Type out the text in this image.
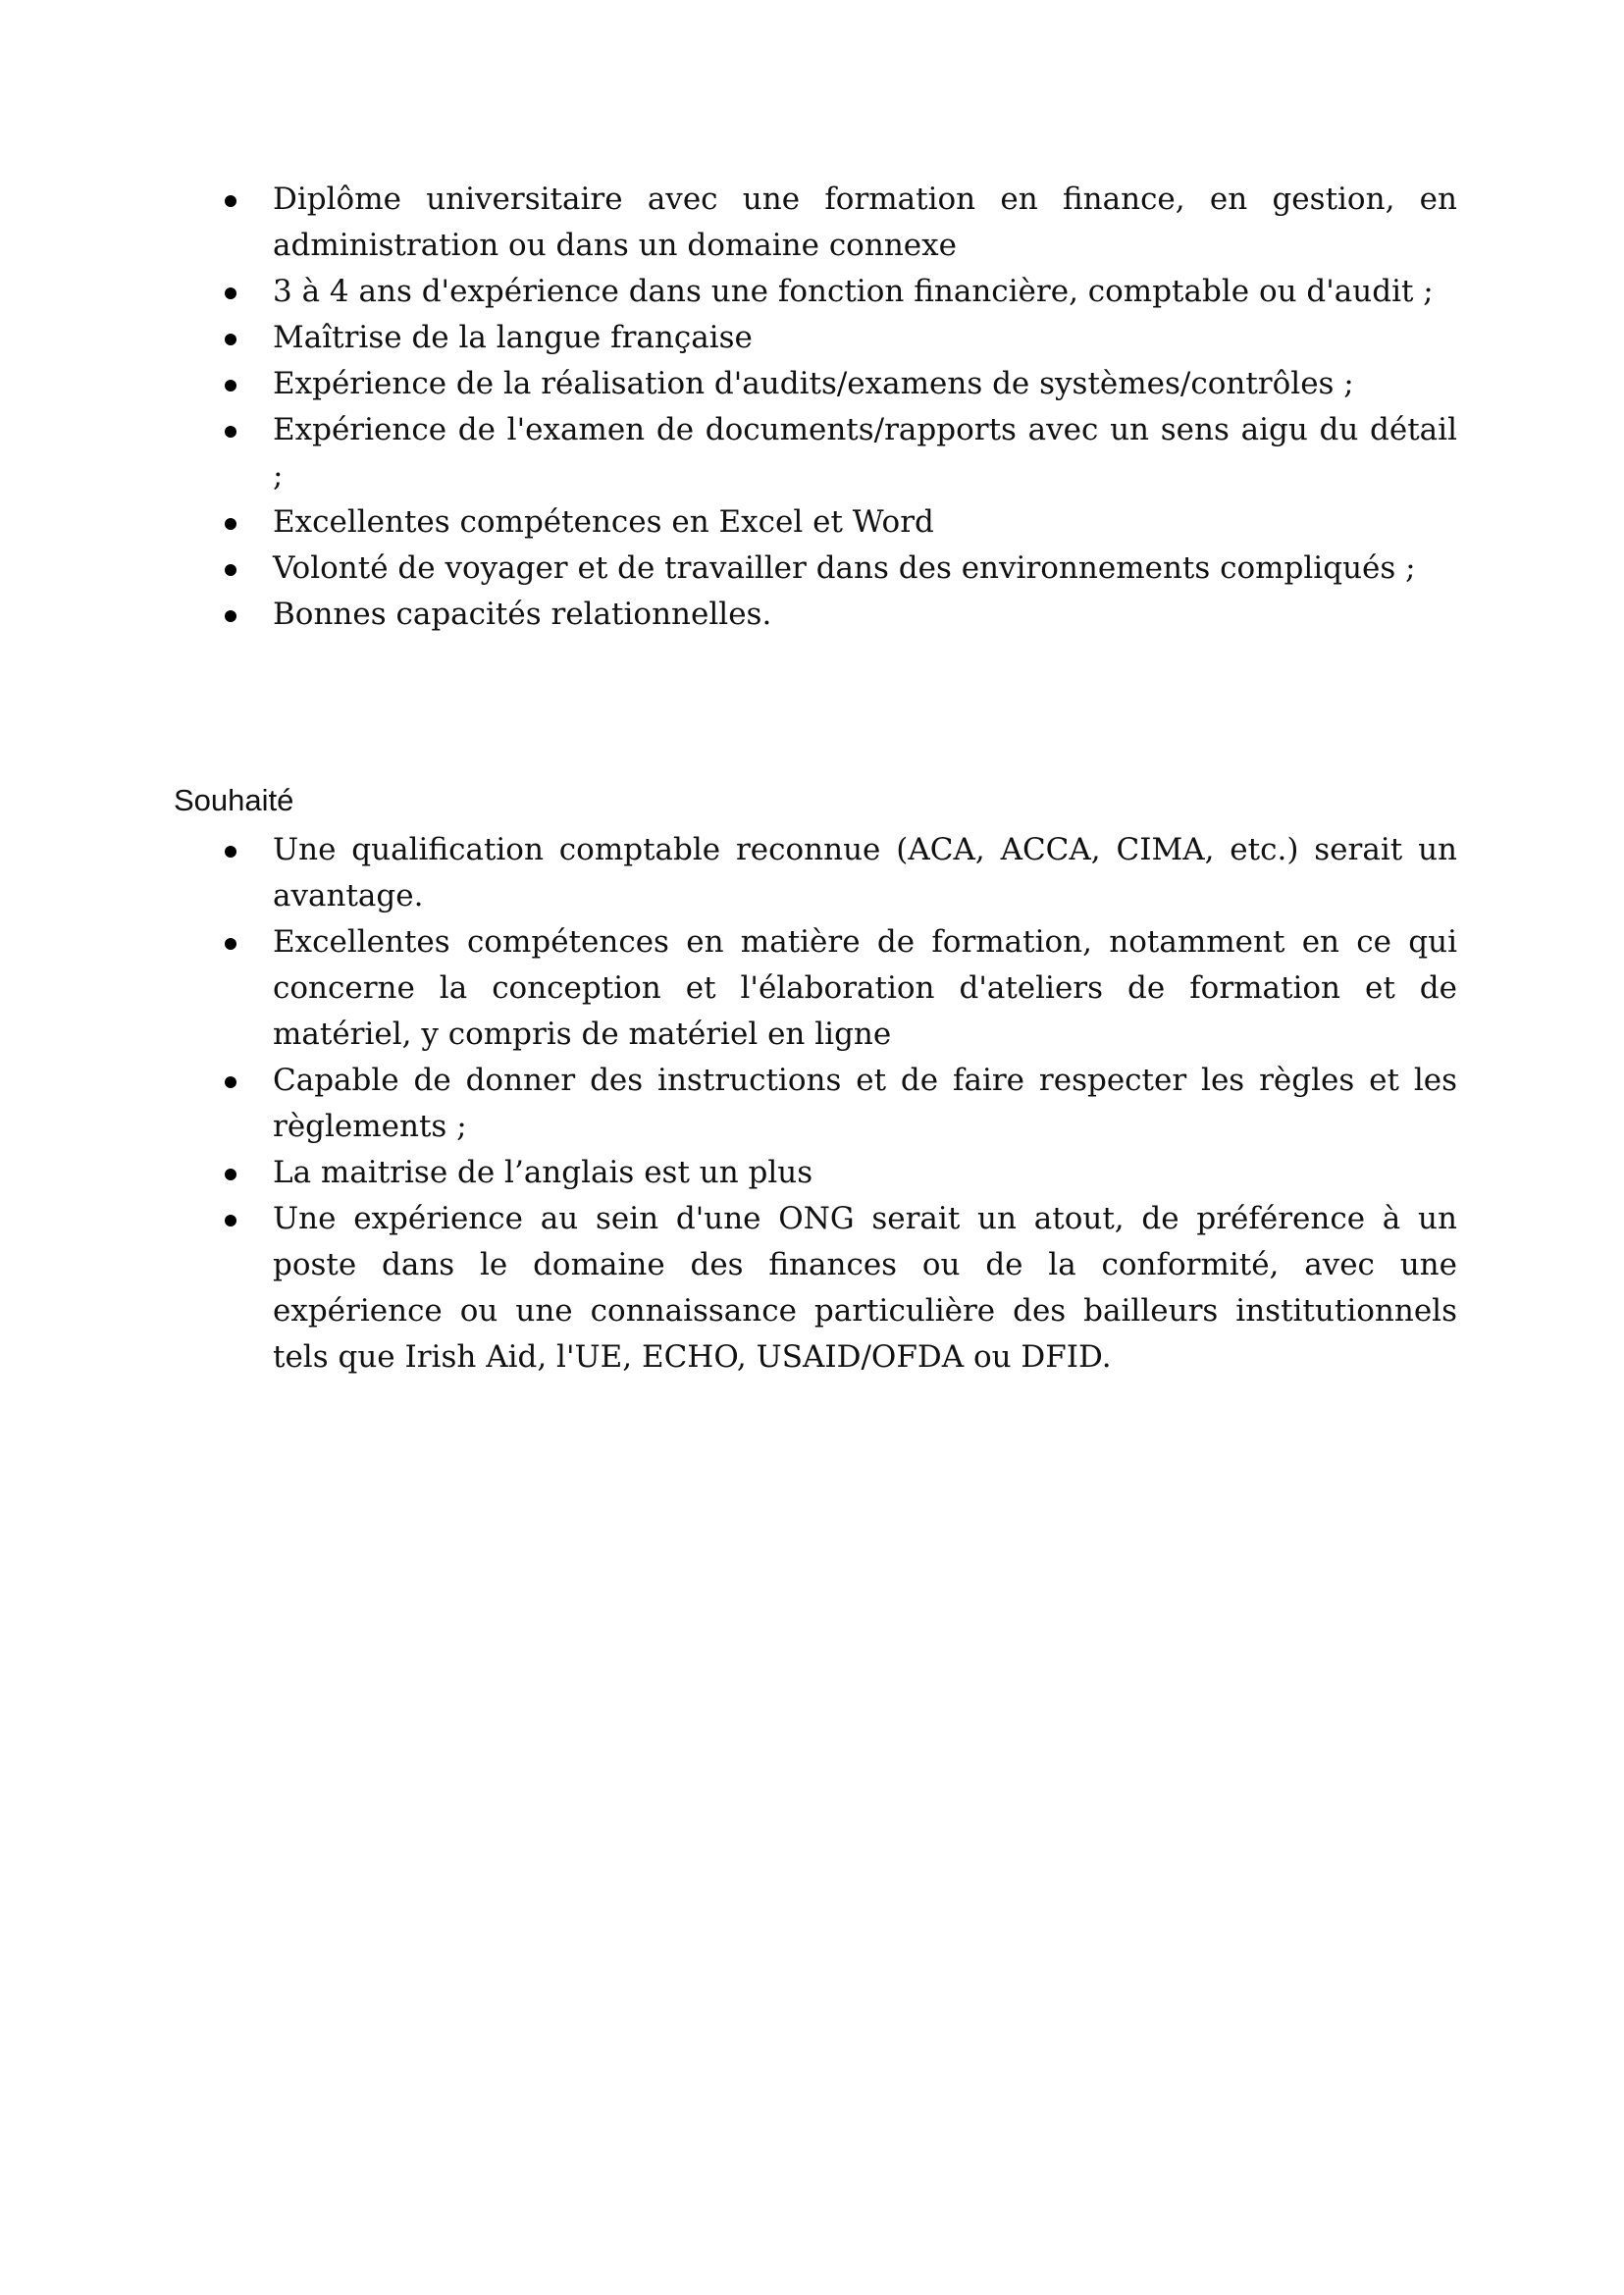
Diplôme universitaire avec une formation en finance, en gestion, en administration ou dans un domaine connexe
3 à 4 ans d'expérience dans une fonction financière, comptable ou d'audit ;
Maîtrise de la langue française
Expérience de la réalisation d'audits/examens de systèmes/contrôles ;
Expérience de l'examen de documents/rapports avec un sens aigu du détail ;
Excellentes compétences en Excel et Word
Volonté de voyager et de travailler dans des environnements compliqués ;
Bonnes capacités relationnelles.
Souhaité
Une qualification comptable reconnue (ACA, ACCA, CIMA, etc.) serait un avantage.
Excellentes compétences en matière de formation, notamment en ce qui concerne la conception et l'élaboration d'ateliers de formation et de matériel, y compris de matériel en ligne
Capable de donner des instructions et de faire respecter les règles et les règlements ;
La maitrise de l’anglais est un plus
Une expérience au sein d'une ONG serait un atout, de préférence à un poste dans le domaine des finances ou de la conformité, avec une expérience ou une connaissance particulière des bailleurs institutionnels tels que Irish Aid, l'UE, ECHO, USAID/OFDA ou DFID.
